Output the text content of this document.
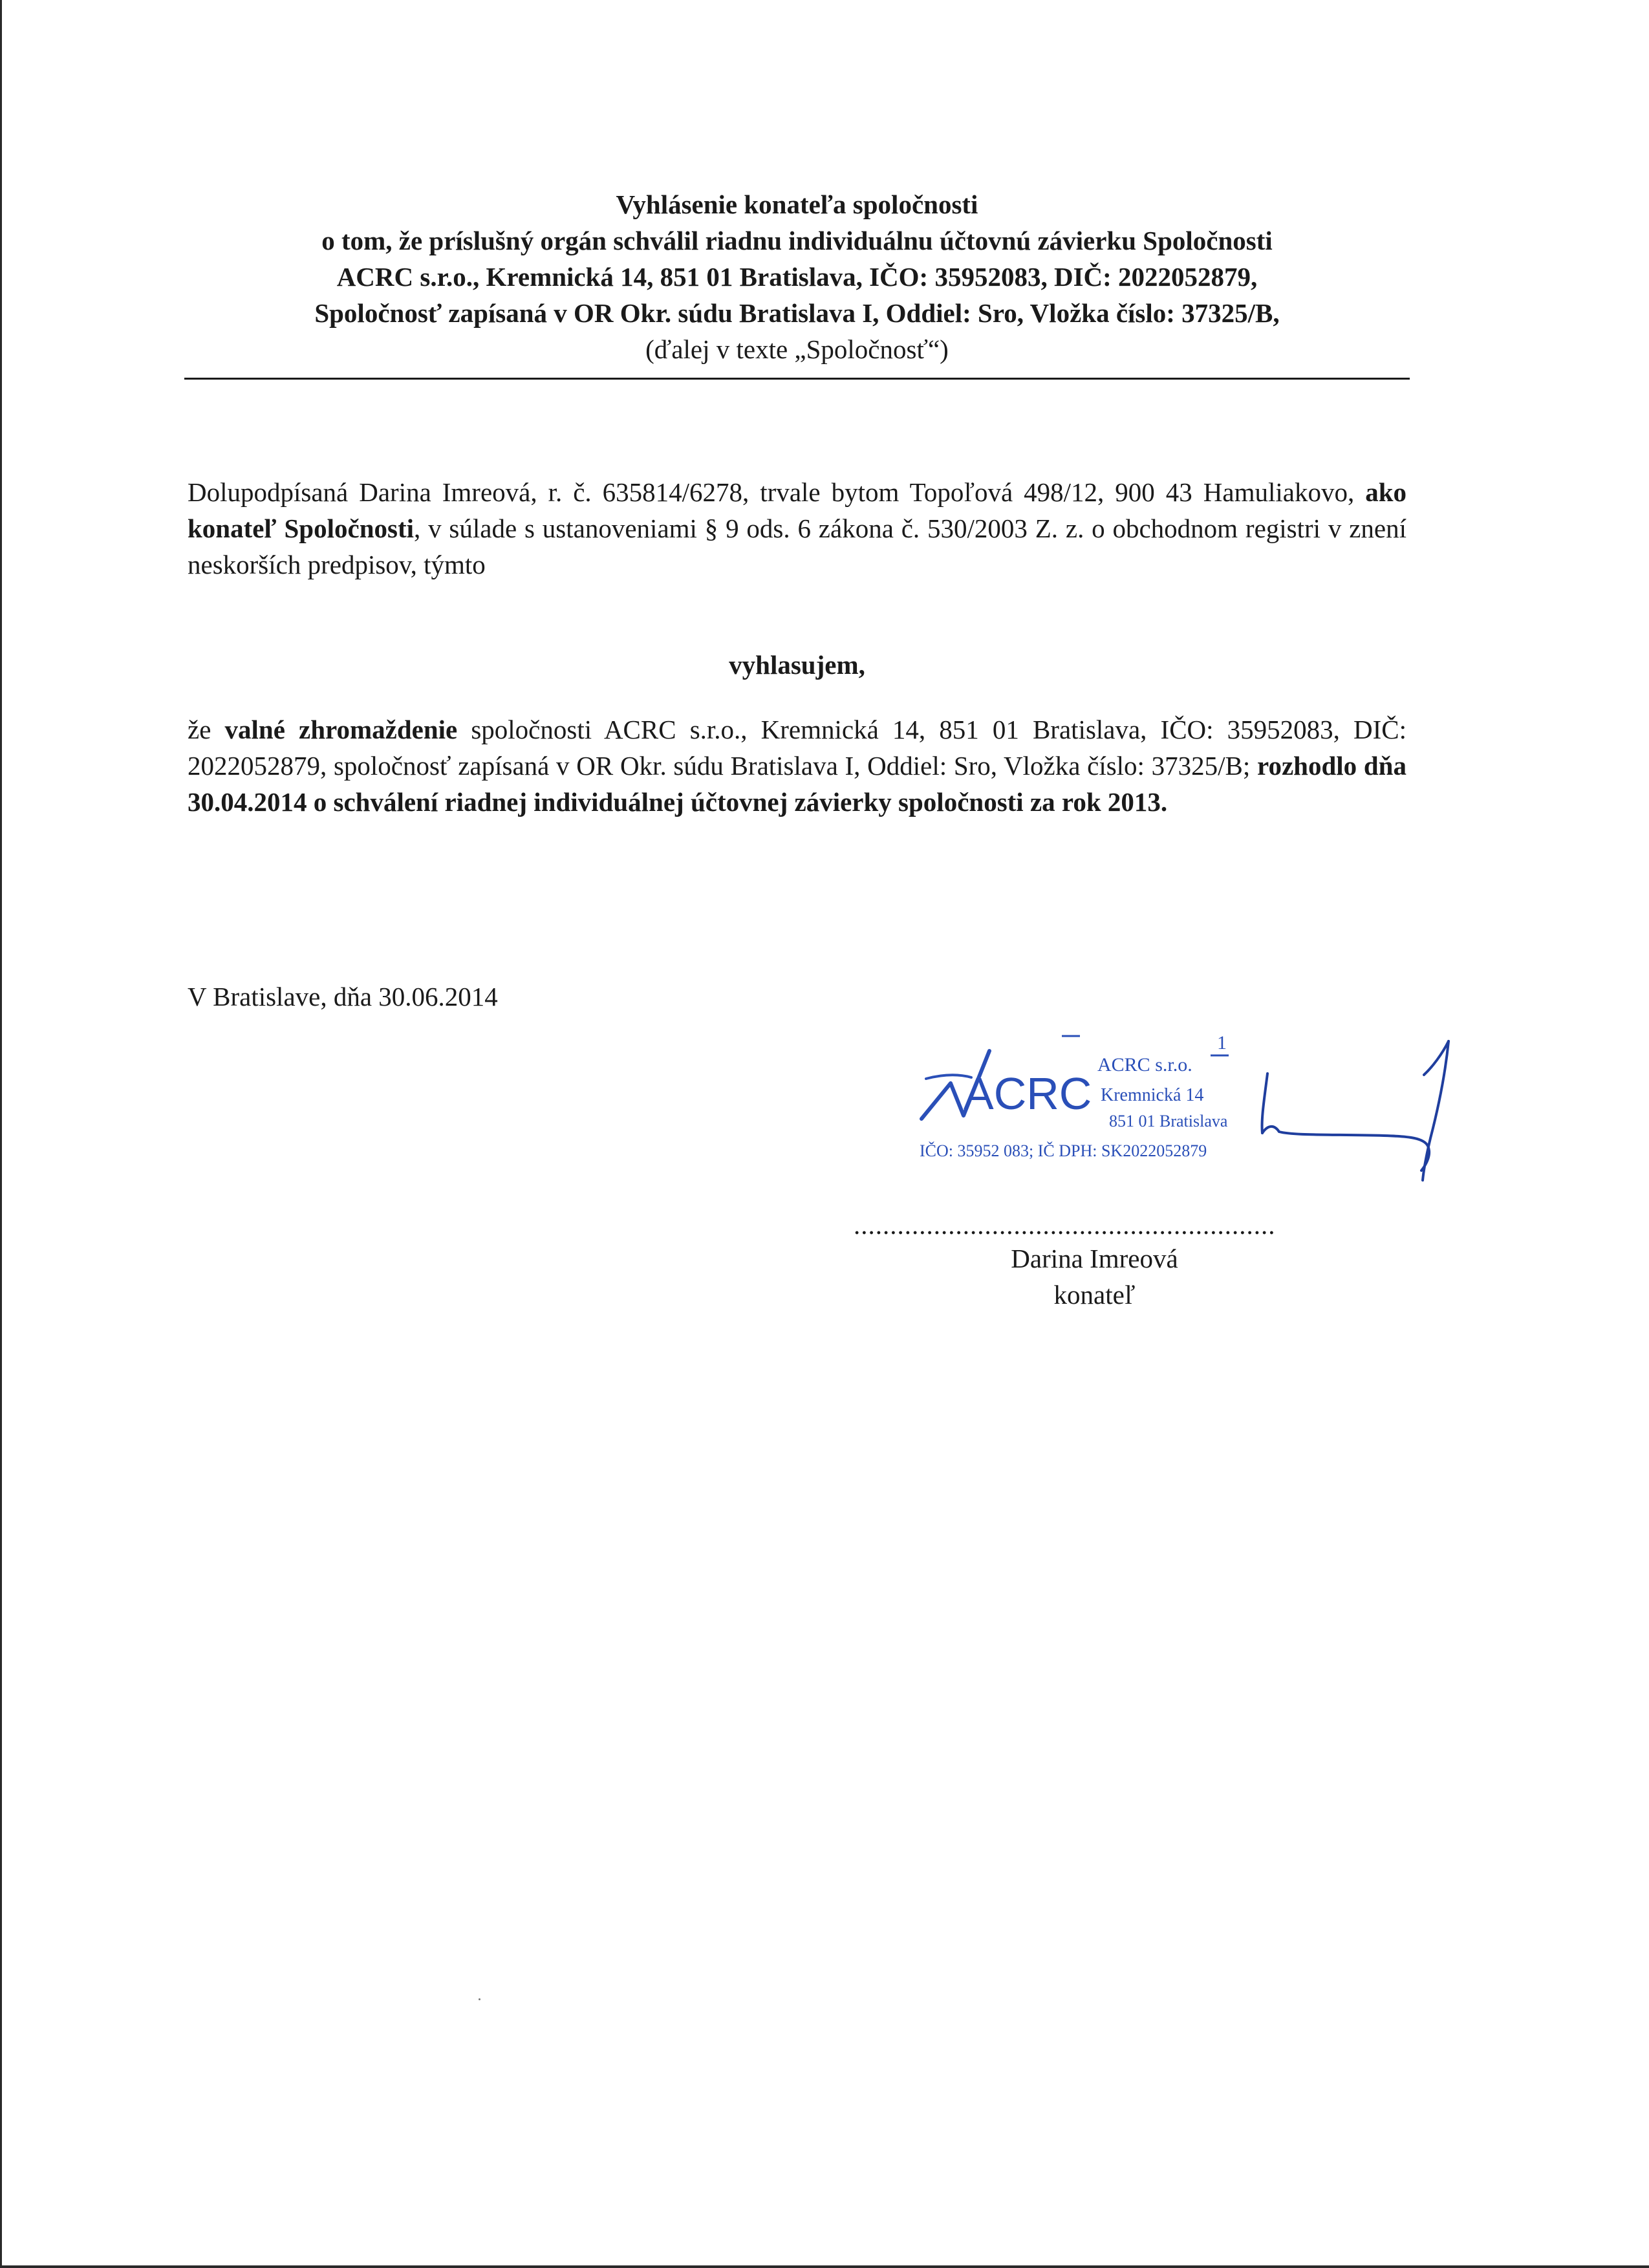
Vyhlásenie konateľa spoločnosti
o tom, že príslušný orgán schválil riadnu individuálnu účtovnú závierku Spoločnosti
ACRC s.r.o., Kremnická 14, 851 01 Bratislava, IČO: 35952083, DIČ: 2022052879,
Spoločnosť zapísaná v OR Okr. súdu Bratislava I, Oddiel: Sro, Vložka číslo: 37325/B,
(ďalej v texte „Spoločnosť“)

Dolupodpísaná Darina Imreová, r. č. 635814/6278, trvale bytom Topoľová 498/12, 900 43 Hamuliakovo, ako konateľ Spoločnosti, v súlade s ustanoveniami § 9 ods. 6 zákona č. 530/2003 Z. z. o obchodnom registri v znení neskorších predpisov, týmto

vyhlasujem,

že valné zhromaždenie spoločnosti ACRC s.r.o., Kremnická 14, 851 01 Bratislava, IČO: 35952083, DIČ: 2022052879, spoločnosť zapísaná v OR Okr. súdu Bratislava I, Oddiel: Sro, Vložka číslo: 37325/B; rozhodlo dňa 30.04.2014 o schválení riadnej individuálnej účtovnej závierky spoločnosti za rok 2013.

V Bratislave, dňa 30.06.2014
ACRC
ACRC s.r.o.
Kremnická 14
851 01 Bratislava
IČO: 35952 083; IČ DPH: SK2022052879
1
..........................................................
Darina Imreová
konateľ
